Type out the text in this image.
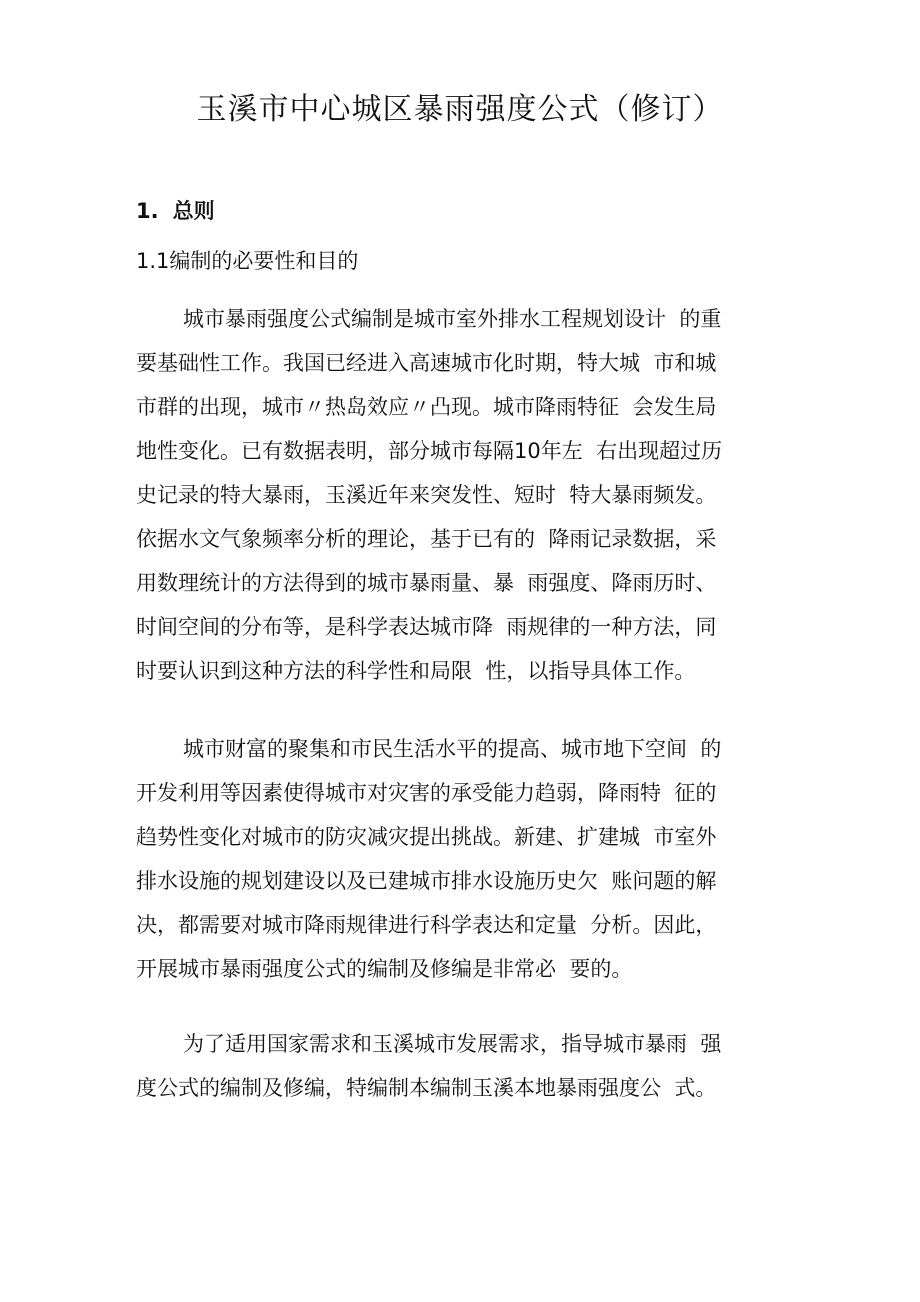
玉溪市中心城区暴雨强度公式（修订）
1. 总则
1.1编制的必要性和目的

城市暴雨强度公式编制是城市室外排水工程规划设计  的重
要基础性工作。我国已经进入高速城市化时期，特大城  市和城
市群的出现，城市〃热岛效应〃凸现。城市降雨特征  会发生局
地性变化。已有数据表明，部分城市每隔10年左  右出现超过历
史记录的特大暴雨，玉溪近年来突发性、短时  特大暴雨频发。
依据水文气象频率分析的理论，基于已有的  降雨记录数据，采
用数理统计的方法得到的城市暴雨量、暴  雨强度、降雨历时、
时间空间的分布等，是科学表达城市降  雨规律的一种方法，同
时要认识到这种方法的科学性和局限  性，以指导具体工作。

城市财富的聚集和市民生活水平的提高、城市地下空间  的
开发利用等因素使得城市对灾害的承受能力趋弱，降雨特  征的
趋势性变化对城市的防灾减灾提出挑战。新建、扩建城  市室外
排水设施的规划建设以及已建城市排水设施历史欠  账问题的解
决，都需要对城市降雨规律进行科学表达和定量  分析。因此，
开展城市暴雨强度公式的编制及修编是非常必  要的。

为了适用国家需求和玉溪城市发展需求，指导城市暴雨  强
度公式的编制及修编，特编制本编制玉溪本地暴雨强度公  式。
